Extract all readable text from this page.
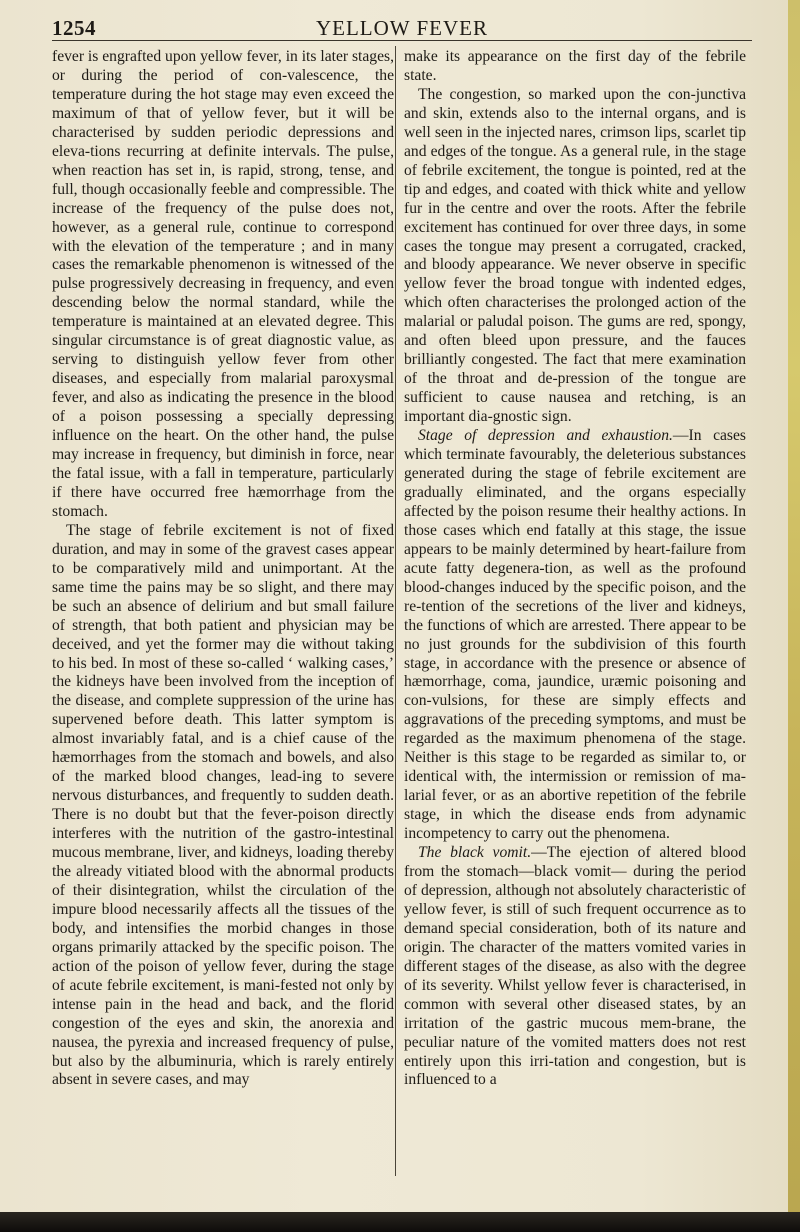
1254	YELLOW FEVER

fever is engrafted upon yellow fever, in its later stages, or during the period of con-valescence, the temperature during the hot stage may even exceed the maximum of that of yellow fever, but it will be characterised by sudden periodic depressions and eleva-tions recurring at definite intervals. The pulse, when reaction has set in, is rapid, strong, tense, and full, though occasionally feeble and compressible. The increase of the frequency of the pulse does not, however, as a general rule, continue to correspond with the elevation of the temperature ; and in many cases the remarkable phenomenon is witnessed of the pulse progressively decreasing in frequency, and even descending below the normal standard, while the temperature is maintained at an elevated degree. This singular circumstance is of great diagnostic value, as serving to distinguish yellow fever from other diseases, and especially from malarial paroxysmal fever, and also as indicating the presence in the blood of a poison possessing a specially depressing influence on the heart. On the other hand, the pulse may increase in frequency, but diminish in force, near the fatal issue, with a fall in temperature, particularly if there have occurred free hæmorrhage from the stomach.

The stage of febrile excitement is not of fixed duration, and may in some of the gravest cases appear to be comparatively mild and unimportant. At the same time the pains may be so slight, and there may be such an absence of delirium and but small failure of strength, that both patient and physician may be deceived, and yet the former may die without taking to his bed. In most of these so-called ‘ walking cases,’ the kidneys have been involved from the inception of the disease, and complete suppression of the urine has supervened before death. This latter symptom is almost invariably fatal, and is a chief cause of the hæmorrhages from the stomach and bowels, and also of the marked blood changes, lead-ing to severe nervous disturbances, and frequently to sudden death. There is no doubt but that the fever-poison directly interferes with the nutrition of the gastro-intestinal mucous membrane, liver, and kidneys, loading thereby the already vitiated blood with the abnormal products of their disintegration, whilst the circulation of the impure blood necessarily affects all the tissues of the body, and intensifies the morbid changes in those organs primarily attacked by the specific poison. The action of the poison of yellow fever, during the stage of acute febrile excitement, is mani-fested not only by intense pain in the head and back, and the florid congestion of the eyes and skin, the anorexia and nausea, the pyrexia and increased frequency of pulse, but also by the albuminuria, which is rarely entirely absent in severe cases, and may

make its appearance on the first day of the febrile state.

The congestion, so marked upon the con-junctiva and skin, extends also to the internal organs, and is well seen in the injected nares, crimson lips, scarlet tip and edges of the tongue. As a general rule, in the stage of febrile excitement, the tongue is pointed, red at the tip and edges, and coated with thick white and yellow fur in the centre and over the roots. After the febrile excitement has continued for over three days, in some cases the tongue may present a corrugated, cracked, and bloody appearance. We never observe in specific yellow fever the broad tongue with indented edges, which often characterises the prolonged action of the malarial or paludal poison. The gums are red, spongy, and often bleed upon pressure, and the fauces brilliantly congested. The fact that mere examination of the throat and de-pression of the tongue are sufficient to cause nausea and retching, is an important dia-gnostic sign.

Stage of depression and exhaustion.—In cases which terminate favourably, the deleterious substances generated during the stage of febrile excitement are gradually eliminated, and the organs especially affected by the poison resume their healthy actions. In those cases which end fatally at this stage, the issue appears to be mainly determined by heart-failure from acute fatty degenera-tion, as well as the profound blood-changes induced by the specific poison, and the re-tention of the secretions of the liver and kidneys, the functions of which are arrested. There appear to be no just grounds for the subdivision of this fourth stage, in accordance with the presence or absence of hæmorrhage, coma, jaundice, uræmic poisoning and con-vulsions, for these are simply effects and aggravations of the preceding symptoms, and must be regarded as the maximum phenomena of the stage. Neither is this stage to be regarded as similar to, or identical with, the intermission or remission of ma-larial fever, or as an abortive repetition of the febrile stage, in which the disease ends from adynamic incompetency to carry out the phenomena.

The black vomit.—The ejection of altered blood from the stomach—black vomit— during the period of depression, although not absolutely characteristic of yellow fever, is still of such frequent occurrence as to demand special consideration, both of its nature and origin. The character of the matters vomited varies in different stages of the disease, as also with the degree of its severity. Whilst yellow fever is characterised, in common with several other diseased states, by an irritation of the gastric mucous mem-brane, the peculiar nature of the vomited matters does not rest entirely upon this irri-tation and congestion, but is influenced to a
